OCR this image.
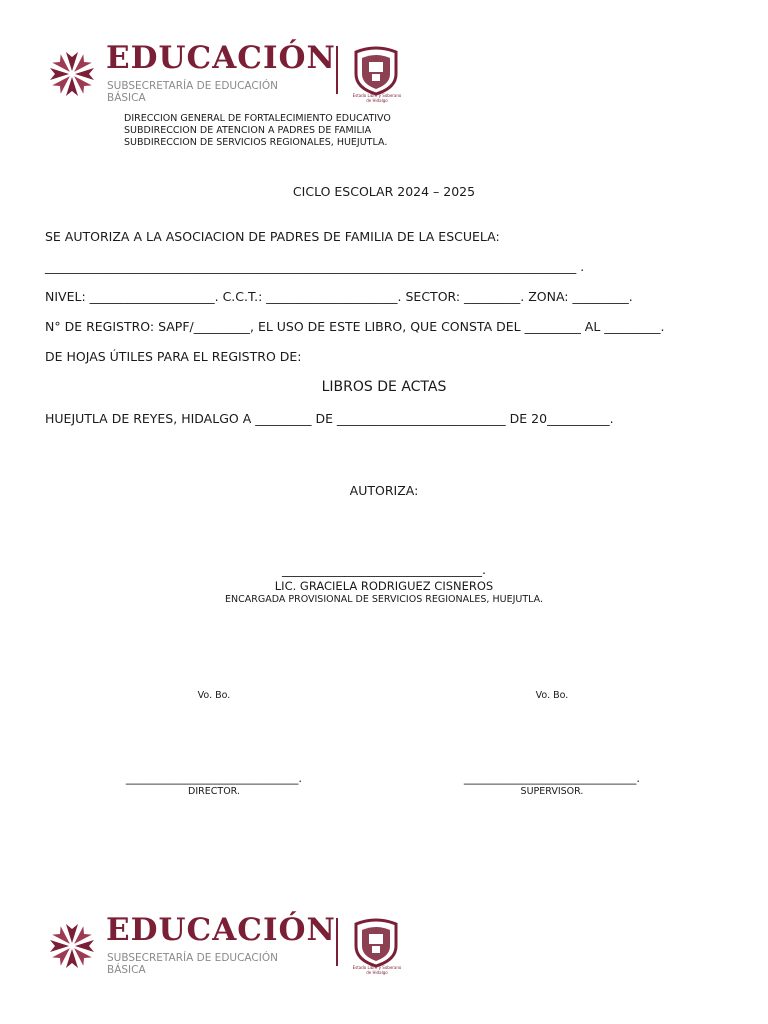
EDUCACIÓN
SUBSECRETARÍA DE EDUCACIÓN BÁSICA	Estado Libre y Soberano de Hidalgo
DIRECCION GENERAL DE FORTALECIMIENTO EDUCATIVO
SUBDIRECCION DE ATENCION A PADRES DE FAMILIA
SUBDIRECCION DE SERVICIOS REGIONALES, HUEJUTLA.
CICLO ESCOLAR 2024 – 2025
SE AUTORIZA A LA ASOCIACION DE PADRES DE FAMILIA DE LA ESCUELA:
_____________________________________________________________________________________ .
NIVEL: ____________________. C.C.T.: _____________________. SECTOR: _________. ZONA: _________.
N° DE REGISTRO: SAPF/_________, EL USO DE ESTE LIBRO, QUE CONSTA DEL _________ AL _________.
DE HOJAS ÚTILES PARA EL REGISTRO DE:
LIBROS DE ACTAS
HUEJUTLA DE REYES, HIDALGO A _________ DE ___________________________ DE 20__________.
AUTORIZA:
________________________________.
LIC. GRACIELA RODRIGUEZ CISNEROS
ENCARGADA PROVISIONAL DE SERVICIOS REGIONALES, HUEJUTLA.
Vo. Bo.	Vo. Bo.
______________________________.
DIRECTOR.
______________________________.
SUPERVISOR.
EDUCACIÓN
SUBSECRETARÍA DE EDUCACIÓN BÁSICA	Estado Libre y Soberano de Hidalgo
